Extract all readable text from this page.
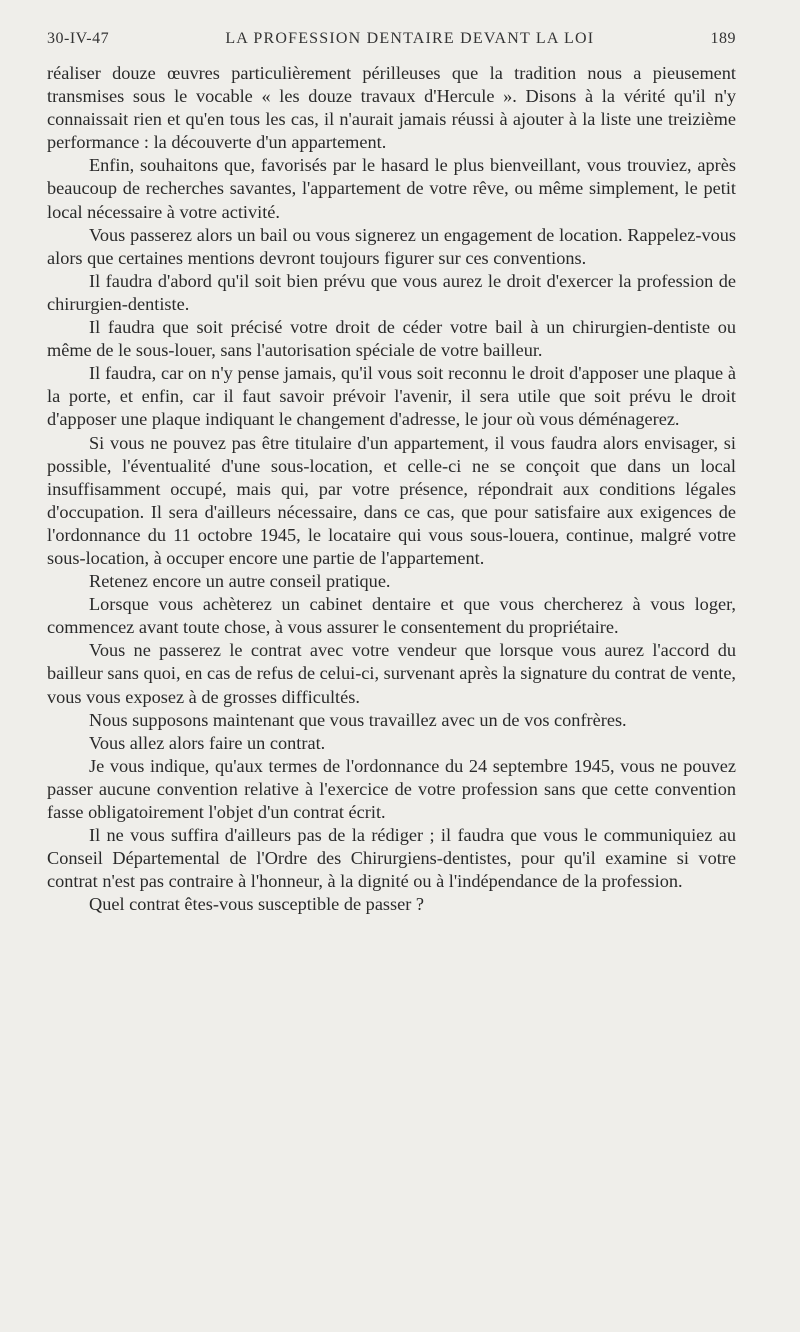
30-IV-47	LA PROFESSION DENTAIRE DEVANT LA LOI	189

réaliser douze œuvres particulièrement périlleuses que la tradition nous a pieusement transmises sous le vocable « les douze travaux d'Hercule ». Disons à la vérité qu'il n'y connaissait rien et qu'en tous les cas, il n'aurait jamais réussi à ajouter à la liste une treizième performance : la découverte d'un appartement.

Enfin, souhaitons que, favorisés par le hasard le plus bienveillant, vous trouviez, après beaucoup de recherches savantes, l'appartement de votre rêve, ou même simplement, le petit local nécessaire à votre activité.

Vous passerez alors un bail ou vous signerez un engagement de location. Rappelez-vous alors que certaines mentions devront toujours figurer sur ces conventions.

Il faudra d'abord qu'il soit bien prévu que vous aurez le droit d'exercer la profession de chirurgien-dentiste.

Il faudra que soit précisé votre droit de céder votre bail à un chirurgien-dentiste ou même de le sous-louer, sans l'autorisation spéciale de votre bailleur.

Il faudra, car on n'y pense jamais, qu'il vous soit reconnu le droit d'apposer une plaque à la porte, et enfin, car il faut savoir prévoir l'avenir, il sera utile que soit prévu le droit d'apposer une plaque indiquant le changement d'adresse, le jour où vous déménagerez.

Si vous ne pouvez pas être titulaire d'un appartement, il vous faudra alors envisager, si possible, l'éventualité d'une sous-location, et celle-ci ne se conçoit que dans un local insuffisamment occupé, mais qui, par votre présence, répondrait aux conditions légales d'occupation. Il sera d'ailleurs nécessaire, dans ce cas, que pour satisfaire aux exigences de l'ordonnance du 11 octobre 1945, le locataire qui vous sous-louera, continue, malgré votre sous-location, à occuper encore une partie de l'appartement.

Retenez encore un autre conseil pratique.

Lorsque vous achèterez un cabinet dentaire et que vous chercherez à vous loger, commencez avant toute chose, à vous assurer le consentement du propriétaire.

Vous ne passerez le contrat avec votre vendeur que lorsque vous aurez l'accord du bailleur sans quoi, en cas de refus de celui-ci, survenant après la signature du contrat de vente, vous vous exposez à de grosses difficultés.

Nous supposons maintenant que vous travaillez avec un de vos confrères.

Vous allez alors faire un contrat.

Je vous indique, qu'aux termes de l'ordonnance du 24 septembre 1945, vous ne pouvez passer aucune convention relative à l'exercice de votre profession sans que cette convention fasse obligatoirement l'objet d'un contrat écrit.

Il ne vous suffira d'ailleurs pas de la rédiger ; il faudra que vous le communiquiez au Conseil Départemental de l'Ordre des Chirurgiens-dentistes, pour qu'il examine si votre contrat n'est pas contraire à l'honneur, à la dignité ou à l'indépendance de la profession.

Quel contrat êtes-vous susceptible de passer ?
